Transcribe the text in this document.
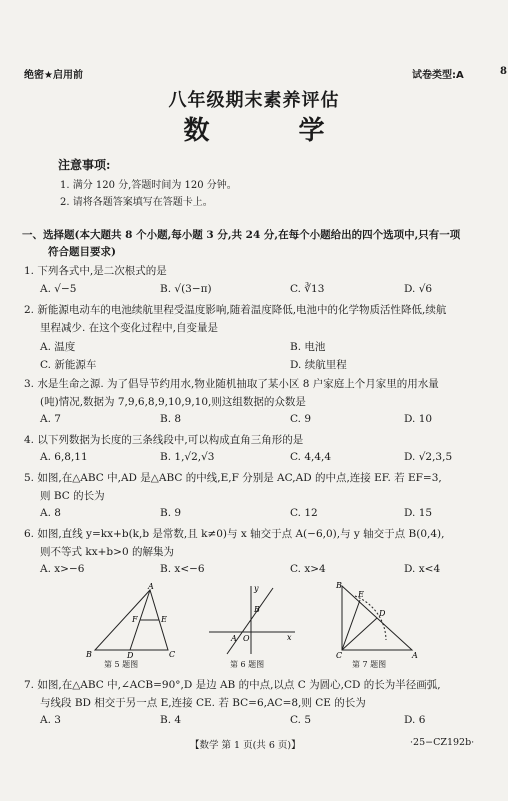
绝密★启用前	试卷类型:A	8
八年级期末素养评估
数 学
注意事项:
1. 满分 120 分,答题时间为 120 分钟。
2. 请将各题答案填写在答题卡上。
一、选择题(本大题共 8 个小题,每小题 3 分,共 24 分,在每个小题给出的四个选项中,只有一项
符合题目要求)
1. 下列各式中,是二次根式的是
A. √−5	B. √(3−π)	C. ∛13	D. √6
2. 新能源电动车的电池续航里程受温度影响,随着温度降低,电池中的化学物质活性降低,续航
里程减少. 在这个变化过程中,自变量是
A. 温度	B. 电池
C. 新能源车	D. 续航里程
3. 水是生命之源. 为了倡导节约用水,物业随机抽取了某小区 8 户家庭上个月家里的用水量
(吨)情况,数据为 7,9,6,8,9,10,9,10,则这组数据的众数是
A. 7	B. 8	C. 9	D. 10
4. 以下列数据为长度的三条线段中,可以构成直角三角形的是
A. 6,8,11	B. 1,√2,√3	C. 4,4,4	D. √2,3,5
5. 如图,在△ABC 中,AD 是△ABC 的中线,E,F 分别是 AC,AD 的中点,连接 EF. 若 EF=3,
则 BC 的长为
A. 8	B. 9	C. 12	D. 15
6. 如图,直线 y=kx+b(k,b 是常数,且 k≠0)与 x 轴交于点 A(−6,0),与 y 轴交于点 B(0,4),
则不等式 kx+b>0 的解集为
A. x>−6	B. x<−6	C. x>4	D. x<4
A
B	C
D
E
F
第 5 题图
x
y
B
A O
第 6 题图
B
E
D
C	A
第 7 题图
7. 如图,在△ABC 中,∠ACB=90°,D 是边 AB 的中点,以点 C 为圆心,CD 的长为半径画弧,
与线段 BD 相交于另一点 E,连接 CE. 若 BC=6,AC=8,则 CE 的长为
A. 3	B. 4	C. 5	D. 6
【数学 第 1 页(共 6 页)】	·25−CZ192b·
